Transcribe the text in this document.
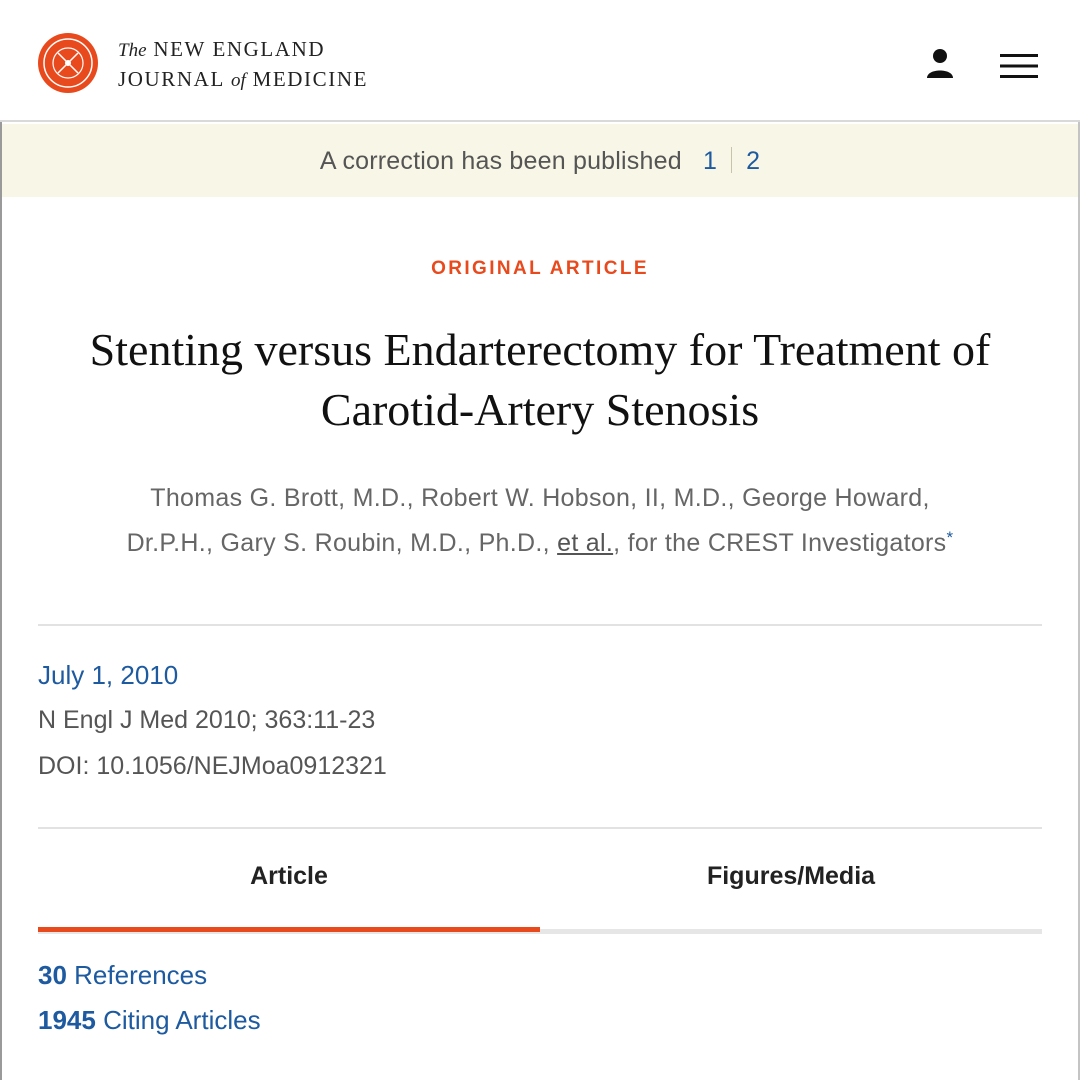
The NEW ENGLAND
JOURNAL of MEDICINE
A correction has been published 1 2
ORIGINAL ARTICLE
Stenting versus Endarterectomy for Treatment of Carotid-Artery Stenosis
Thomas G. Brott, M.D., Robert W. Hobson, II, M.D., George Howard,
Dr.P.H., Gary S. Roubin, M.D., Ph.D., et al., for the CREST Investigators*
July 1, 2010
N Engl J Med 2010; 363:11-23
DOI: 10.1056/NEJMoa0912321
Article	Figures/Media
30 References
1945 Citing Articles
